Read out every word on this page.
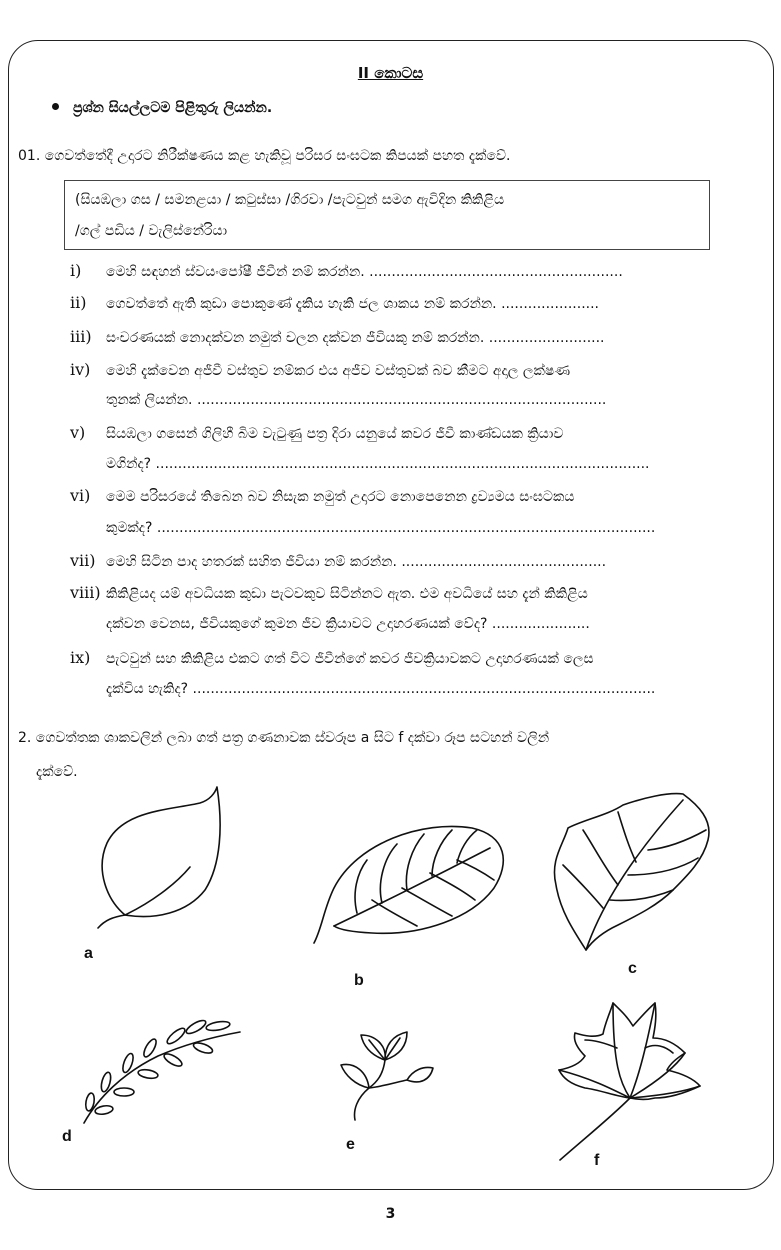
II කොටස
ප්‍රශ්න සියල්ලටම පිළිතුරු ලියන්න.
01. ගෙවත්තේදී උදාරට නිරීක්ෂණය කළ හැකිවූ පරිසර සංඝටක කිපයක් පහත දැක්වේ.
(සියඹලා ගස / සමනළයා / කටුස්සා /ගිරවා /පැටවුන් සමග ඇවිදින කිකිළිය
/ගල් පඩිය / වැලිස්නේරියා
i) මෙහි සඳහන් ස්වයංපෝෂී ජීවීන් නම් කරන්න. .........................................................
ii) ගෙවත්තේ ඇති කුඩා පොකුණේ දැකිය හැකි ජල ශාකය නම් කරන්න. ......................
iii) සංචරණයක් නොදක්වන නමුත් චලන දක්වන ජීවියකු නම් කරන්න. ..........................
iv) මෙහි දැක්වෙන අජීවී වස්තුව නම්කර එය අජීව වස්තුවක් බව කීමට අදාල ලක්ෂණ
තුනක් ලියන්න. ............................................................................................
v) සියඹලා ගසෙන් ගිලිහී බිම වැටුණු පත්‍ර දිරා යනුයේ කවර ජීවී කාණ්ඩයක ක්‍රියාව
මගින්ද? ...............................................................................................................
vi) මෙම පරිසරයේ තිබෙන බව නිසැක නමුත් උදාරට නොපෙනෙන ද්‍රව්‍යමය සංඝටකය
කුමක්ද? ................................................................................................................
vii) මෙහි සිටින පාද හතරක් සහිත ජීවියා නම් කරන්න. ..............................................
viii) කිකිළියද යම් අවධියක කුඩා පැටවකුව සිටින්නට ඇත. එම අවධියේ සහ දැන් කිකිළිය
දක්වන වෙනස, ජීවියකුගේ කුමන ජීව ක්‍රියාවට උදාහරණයක් වේද? ......................
ix) පැටවුන් සහ කිකිළිය එකට ගත් විට ජීවීන්ගේ කවර ජීවක්‍රියාවකට උදාහරණයක් ලෙස
දැක්විය හැකිද? ........................................................................................................
2. ගෙවත්තක ශාකවලින් ලබා ගත් පත්‍ර ගණනාවක ස්වරූප a සිට f දක්වා රූප සටහන් වලින්
දැක්වේ.
a
b
c
d	e
f
3
